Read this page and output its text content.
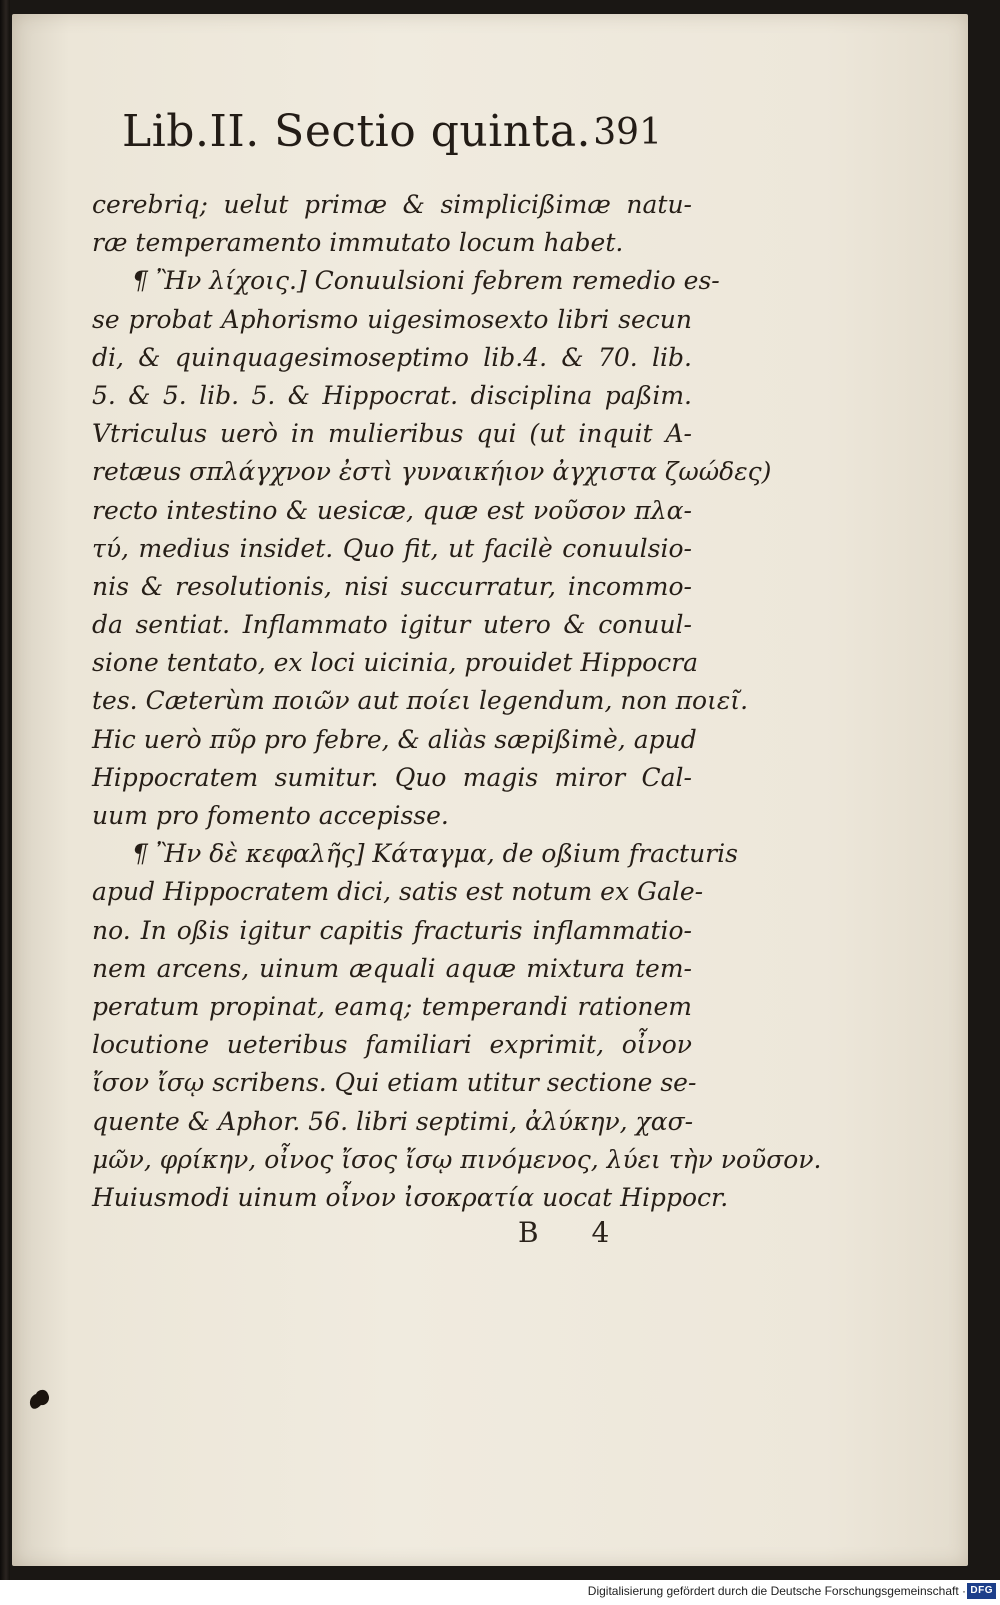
Lib.II. Sectio quinta. 391
cerebriq; uelut primæ & simplicißimæ natu-
ræ temperamento immutato locum habet.
¶ Ἢν λίχοις.] Conuulsioni febrem remedio es-
se probat Aphorismo uigesimosexto libri secun
di, & quinquagesimoseptimo lib.4. & 70. lib.
5. & 5. lib. 5. & Hippocrat. disciplina paßim.
Vtriculus uerò in mulieribus qui (ut inquit A-
retæus σπλάγχνον ἐστὶ γυναικήιον ἀγχιστα ζωώδες)
recto intestino & uesicæ, quæ est νοῦσον πλα-
τύ, medius insidet. Quo fit, ut facilè conuulsio-
nis & resolutionis, nisi succurratur, incommo-
da sentiat. Inflammato igitur utero & conuul-
sione tentato, ex loci uicinia, prouidet Hippocra
tes. Cæterùm ποιῶν aut ποίει legendum, non ποιεῖ.
Hic uerò πῦρ pro febre, & aliàs sæpißimè, apud
Hippocratem sumitur. Quo magis miror Cal-
uum pro fomento accepisse.
¶ Ἢν δὲ κεφαλῆς] Κάταγμα, de oßium fracturis
apud Hippocratem dici, satis est notum ex Gale-
no. In oßis igitur capitis fracturis inflammatio-
nem arcens, uinum æquali aquæ mixtura tem-
peratum propinat, eamq; temperandi rationem
locutione ueteribus familiari exprimit, οἶνον
ἴσον ἴσῳ scribens. Qui etiam utitur sectione se-
quente & Aphor. 56. libri septimi, ἀλύκην, χασ-
μῶν, φρίκην, οἶνος ἴσος ἴσῳ πινόμενος, λύει τὴν νοῦσον.
Huiusmodi uinum οἶνον ἰσοκρατία uocat Hippocr.
B 4
Digitalisierung gefördert durch die Deutsche Forschungsgemeinschaft · DFG
